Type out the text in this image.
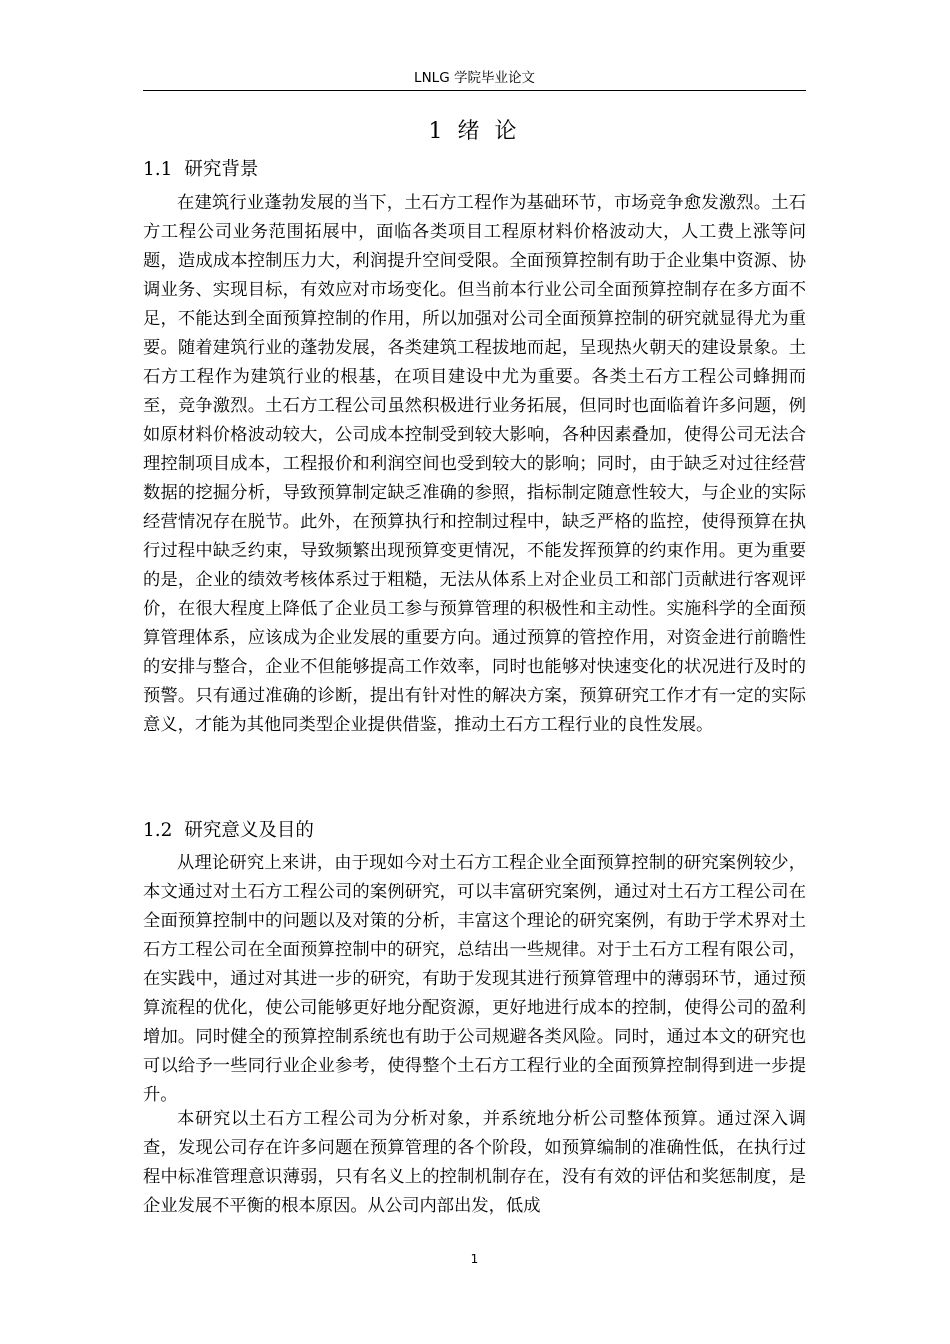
LNLG 学院毕业论文
1 绪 论
1.1 研究背景

在建筑行业蓬勃发展的当下，土石方工程作为基础环节，市场竞争愈发激烈。土石方工程公司业务范围拓展中，面临各类项目工程原材料价格波动大，人工费上涨等问题，造成成本控制压力大，利润提升空间受限。全面预算控制有助于企业集中资源、协调业务、实现目标，有效应对市场变化。但当前本行业公司全面预算控制存在多方面不足，不能达到全面预算控制的作用，所以加强对公司全面预算控制的研究就显得尤为重要。随着建筑行业的蓬勃发展，各类建筑工程拔地而起，呈现热火朝天的建设景象。土石方工程作为建筑行业的根基，在项目建设中尤为重要。各类土石方工程公司蜂拥而至，竞争激烈。土石方工程公司虽然积极进行业务拓展，但同时也面临着许多问题，例如原材料价格波动较大，公司成本控制受到较大影响，各种因素叠加，使得公司无法合理控制项目成本，工程报价和利润空间也受到较大的影响；同时，由于缺乏对过往经营数据的挖掘分析，导致预算制定缺乏准确的参照，指标制定随意性较大，与企业的实际经营情况存在脱节。此外，在预算执行和控制过程中，缺乏严格的监控，使得预算在执行过程中缺乏约束，导致频繁出现预算变更情况，不能发挥预算的约束作用。更为重要的是，企业的绩效考核体系过于粗糙，无法从体系上对企业员工和部门贡献进行客观评价，在很大程度上降低了企业员工参与预算管理的积极性和主动性。实施科学的全面预算管理体系，应该成为企业发展的重要方向。通过预算的管控作用，对资金进行前瞻性的安排与整合，企业不但能够提高工作效率，同时也能够对快速变化的状况进行及时的预警。只有通过准确的诊断，提出有针对性的解决方案，预算研究工作才有一定的实际意义，才能为其他同类型企业提供借鉴，推动土石方工程行业的良性发展。

1.2 研究意义及目的

从理论研究上来讲，由于现如今对土石方工程企业全面预算控制的研究案例较少，本文通过对土石方工程公司的案例研究，可以丰富研究案例，通过对土石方工程公司在全面预算控制中的问题以及对策的分析，丰富这个理论的研究案例，有助于学术界对土石方工程公司在全面预算控制中的研究，总结出一些规律。对于土石方工程有限公司，在实践中，通过对其进一步的研究，有助于发现其进行预算管理中的薄弱环节，通过预算流程的优化，使公司能够更好地分配资源，更好地进行成本的控制，使得公司的盈利增加。同时健全的预算控制系统也有助于公司规避各类风险。同时，通过本文的研究也可以给予一些同行业企业参考，使得整个土石方工程行业的全面预算控制得到进一步提升。

本研究以土石方工程公司为分析对象，并系统地分析公司整体预算。通过深入调查，发现公司存在许多问题在预算管理的各个阶段，如预算编制的准确性低，在执行过程中标准管理意识薄弱，只有名义上的控制机制存在，没有有效的评估和奖惩制度，是企业发展不平衡的根本原因。从公司内部出发，低成

1
